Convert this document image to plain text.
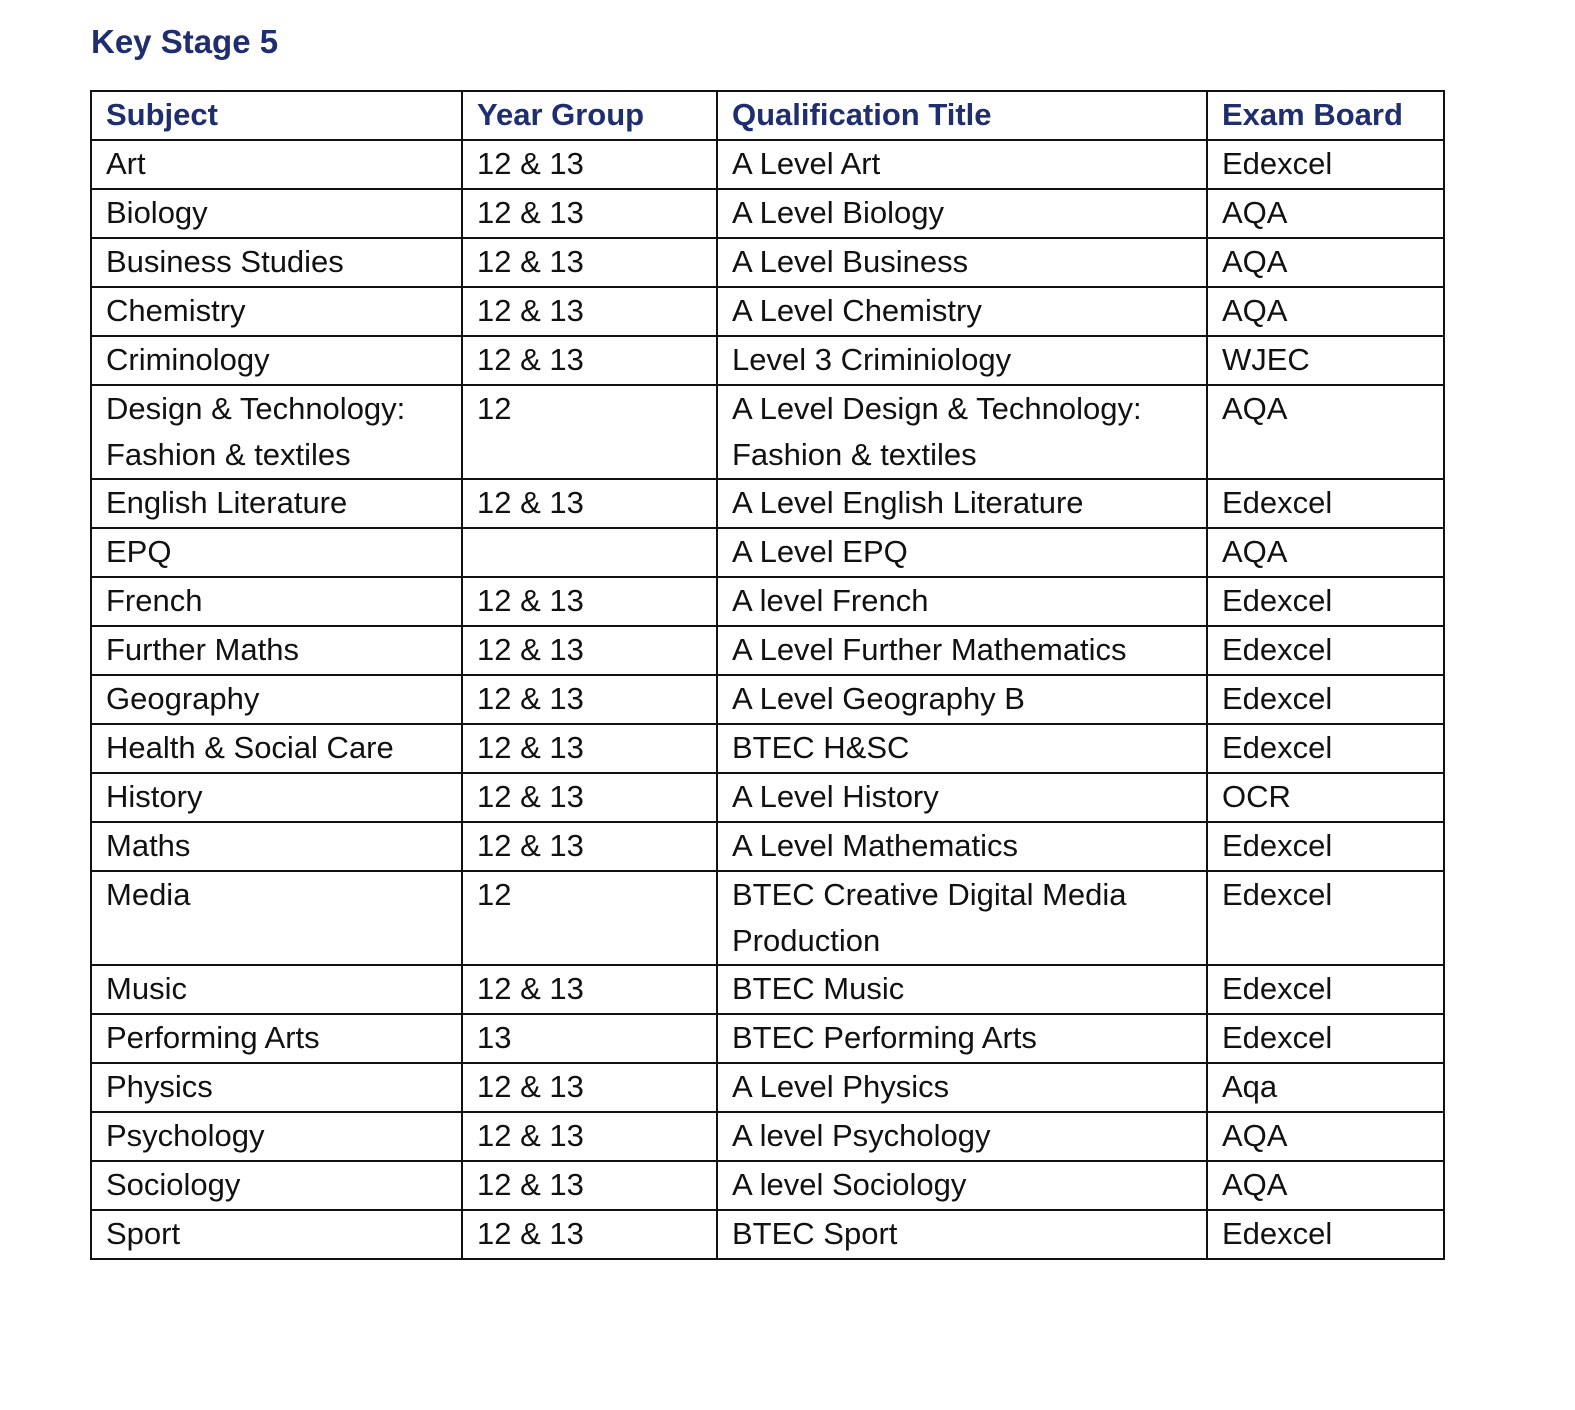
Key Stage 5
Subject	Year Group	Qualification Title	Exam Board
Art	12 & 13	A Level Art	Edexcel
Biology	12 & 13	A Level Biology	AQA
Business Studies	12 & 13	A Level Business	AQA
Chemistry	12 & 13	A Level Chemistry	AQA
Criminology	12 & 13	Level 3 Criminiology	WJEC
Design & Technology: Fashion & textiles	12	A Level Design & Technology: Fashion & textiles	AQA
English Literature	12 & 13	A Level English Literature	Edexcel
EPQ		A Level EPQ	AQA
French	12 & 13	A level French	Edexcel
Further Maths	12 & 13	A Level Further Mathematics	Edexcel
Geography	12 & 13	A Level Geography B	Edexcel
Health & Social Care	12 & 13	BTEC H&SC	Edexcel
History	12 & 13	A Level History	OCR
Maths	12 & 13	A Level Mathematics	Edexcel
Media	12	BTEC Creative Digital Media Production	Edexcel
Music	12 & 13	BTEC Music	Edexcel
Performing Arts	13	BTEC Performing Arts	Edexcel
Physics	12 & 13	A Level Physics	Aqa
Psychology	12 & 13	A level Psychology	AQA
Sociology	12 & 13	A level Sociology	AQA
Sport	12 & 13	BTEC Sport	Edexcel
